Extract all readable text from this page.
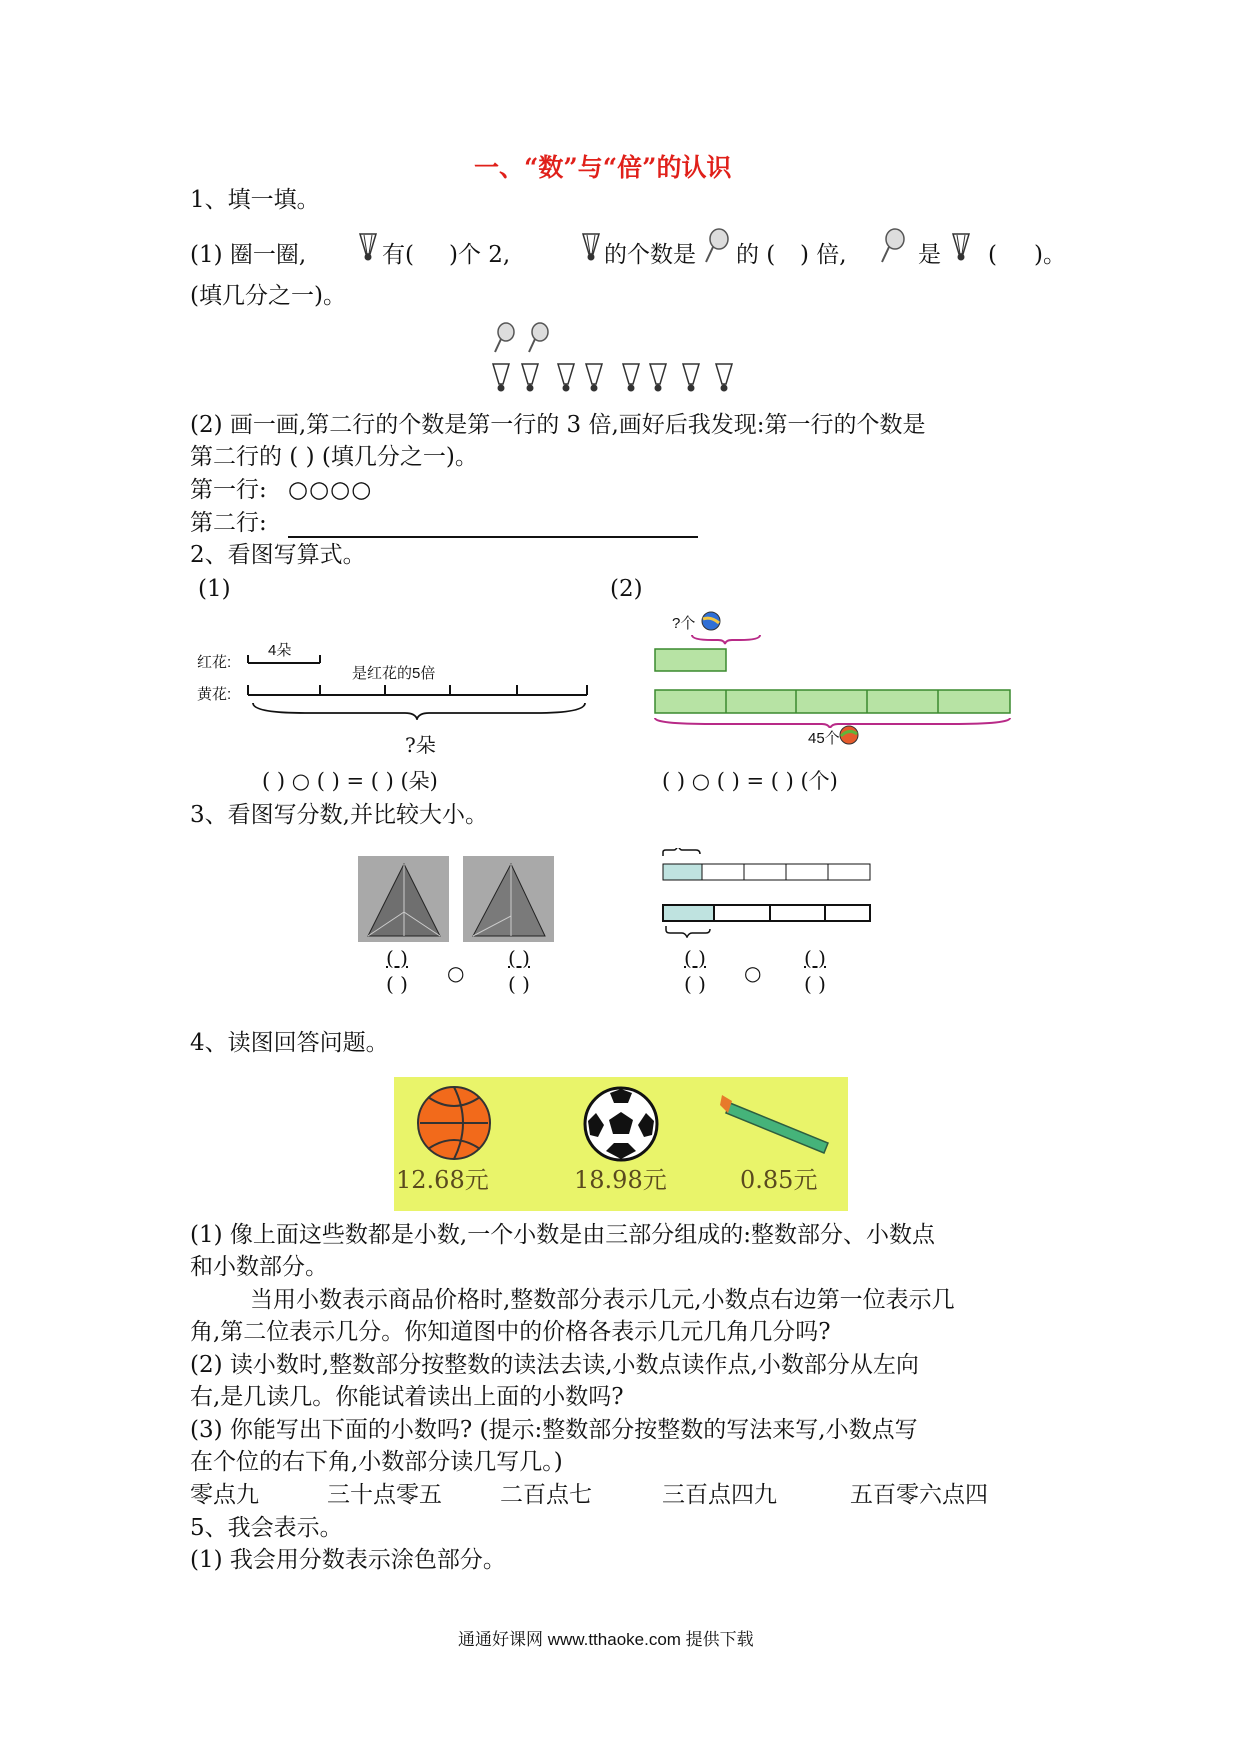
一、“数”与“倍”的认识
1、填一填。
(1) 圈一圈,	有( )个 2,	的个数是 的 ( ) 倍,	是 ( )。
(填几分之一)。
(2) 画一画,第二行的个数是第一行的 3 倍,画好后我发现:第一行的个数是
第二行的 ( ) (填几分之一)。
第一行: ○○○○
第二行:
2、看图写算式。
(1)	(2)
红花:
4朵
黄花:
是红花的5倍
?朵
?个
45个
( ) ○ ( ) = ( ) (朵)	( ) ○ ( ) = ( ) (个)
3、看图写分数,并比较大小。
( )
( )	○
( )
( )
( )
( )	○
( )
( )
4、读图回答问题。
12.68元	18.98元	0.85元
(1) 像上面这些数都是小数,一个小数是由三部分组成的:整数部分、小数点
和小数部分。
当用小数表示商品价格时,整数部分表示几元,小数点右边第一位表示几
角,第二位表示几分。你知道图中的价格各表示几元几角几分吗?
(2) 读小数时,整数部分按整数的读法去读,小数点读作点,小数部分从左向
右,是几读几。你能试着读出上面的小数吗?
(3) 你能写出下面的小数吗? (提示:整数部分按整数的写法来写,小数点写
在个位的右下角,小数部分读几写几。)
零点九	三十点零五	二百点七	三百点四九	五百零六点四
5、我会表示。
(1) 我会用分数表示涂色部分。
通通好课网 www.tthaoke.com 提供下载
